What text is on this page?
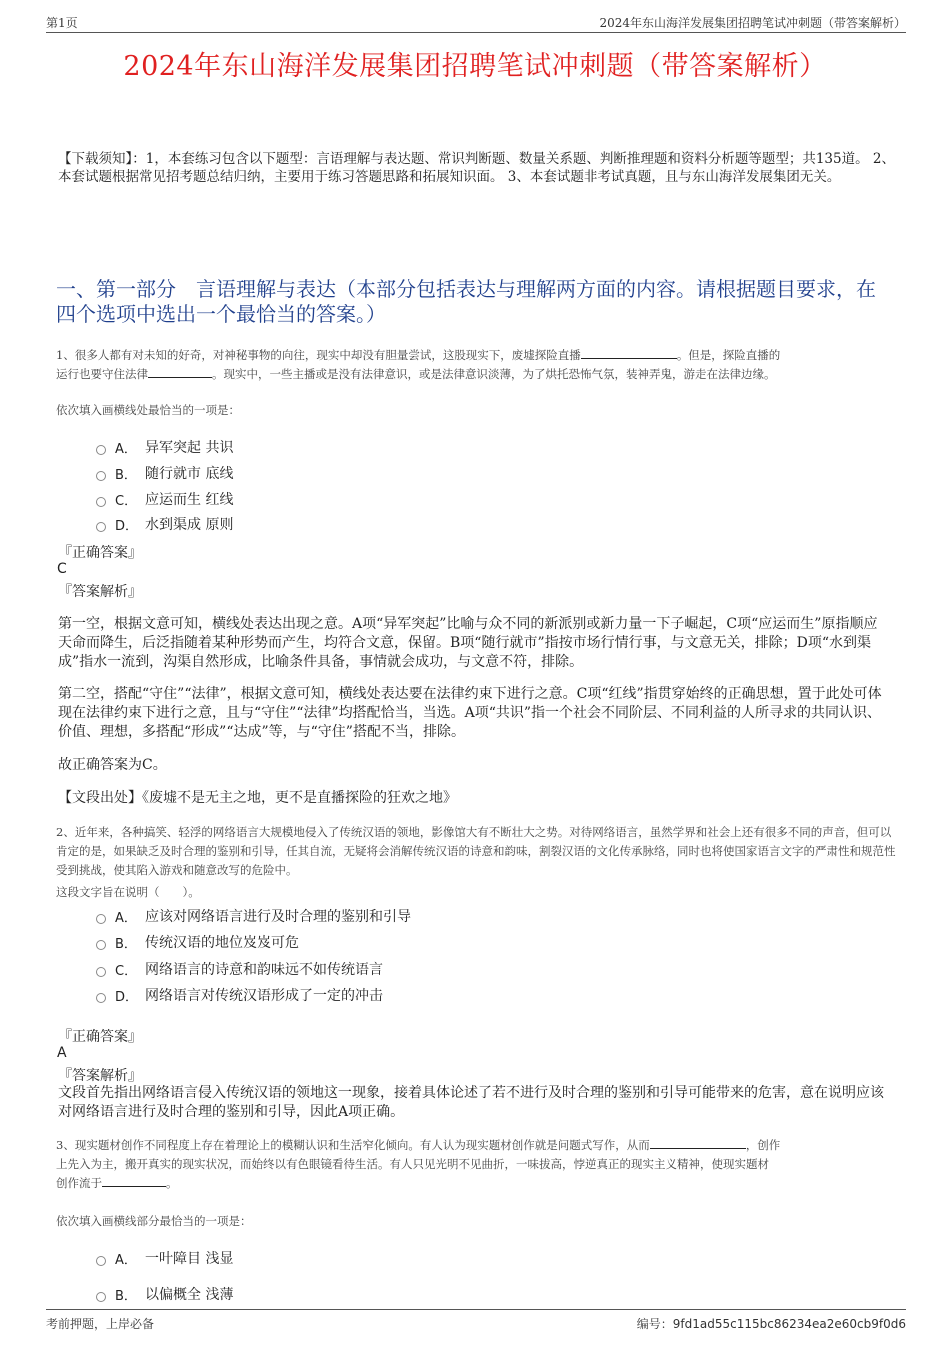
第1页	2024年东山海洋发展集团招聘笔试冲刺题（带答案解析）
2024年东山海洋发展集团招聘笔试冲刺题（带答案解析）
【下载须知】：1，本套练习包含以下题型：言语理解与表达题、常识判断题、数量关系题、判断推理题和资料分析题等题型；共135道。 2、本套试题根据常见招考题总结归纳，主要用于练习答题思路和拓展知识面。 3、本套试题非考试真题，且与东山海洋发展集团无关。
一、第一部分　言语理解与表达（本部分包括表达与理解两方面的内容。请根据题目要求，在四个选项中选出一个最恰当的答案。）
1、很多人都有对未知的好奇，对神秘事物的向往，现实中却没有胆量尝试，这股现实下，废墟探险直播	。但是，探险直播的
运行也要守住法律	。现实中，一些主播或是没有法律意识，或是法律意识淡薄，为了烘托恐怖气氛，装神弄鬼，游走在法律边缘。
依次填入画横线处最恰当的一项是：
A． 异军突起 共识
B． 随行就市 底线
C． 应运而生 红线
D． 水到渠成 原则
『正确答案』
C
『答案解析』
第一空，根据文意可知，横线处表达出现之意。A项“异军突起”比喻与众不同的新派别或新力量一下子崛起，C项“应运而生”原指顺应天命而降生，后泛指随着某种形势而产生，均符合文意，保留。B项“随行就市”指按市场行情行事，与文意无关，排除；D项“水到渠成”指水一流到，沟渠自然形成，比喻条件具备，事情就会成功，与文意不符，排除。
第二空，搭配“守住”“法律”，根据文意可知，横线处表达要在法律约束下进行之意。C项“红线”指贯穿始终的正确思想，置于此处可体现在法律约束下进行之意，且与“守住”“法律”均搭配恰当，当选。A项“共识”指一个社会不同阶层、不同利益的人所寻求的共同认识、价值、理想，多搭配“形成”“达成”等，与“守住”搭配不当，排除。
故正确答案为C。
【文段出处】《废墟不是无主之地，更不是直播探险的狂欢之地》
2、近年来，各种搞笑、轻浮的网络语言大规模地侵入了传统汉语的领地，影像馆大有不断壮大之势。对待网络语言，虽然学界和社会上还有很多不同的声音，但可以肯定的是，如果缺乏及时合理的鉴别和引导，任其自流，无疑将会消解传统汉语的诗意和韵味，割裂汉语的文化传承脉络，同时也将使国家语言文字的严肃性和规范性受到挑战，使其陷入游戏和随意改写的危险中。
这段文字旨在说明（　　）。
A． 应该对网络语言进行及时合理的鉴别和引导
B． 传统汉语的地位岌岌可危
C． 网络语言的诗意和韵味远不如传统语言
D． 网络语言对传统汉语形成了一定的冲击
『正确答案』
A
『答案解析』
文段首先指出网络语言侵入传统汉语的领地这一现象，接着具体论述了若不进行及时合理的鉴别和引导可能带来的危害，意在说明应该对网络语言进行及时合理的鉴别和引导，因此A项正确。
3、现实题材创作不同程度上存在着理论上的模糊认识和生活窄化倾向。有人认为现实题材创作就是问题式写作，从而	，创作
上先入为主，搬开真实的现实状况，而始终以有色眼镜看待生活。有人只见光明不见曲折，一味拔高，悖逆真正的现实主义精神，使现实题材
创作流于	。
依次填入画横线部分最恰当的一项是：
A． 一叶障目 浅显
B． 以偏概全 浅薄
考前押题，上岸必备	编号：9fd1ad55c115bc86234ea2e60cb9f0d6
